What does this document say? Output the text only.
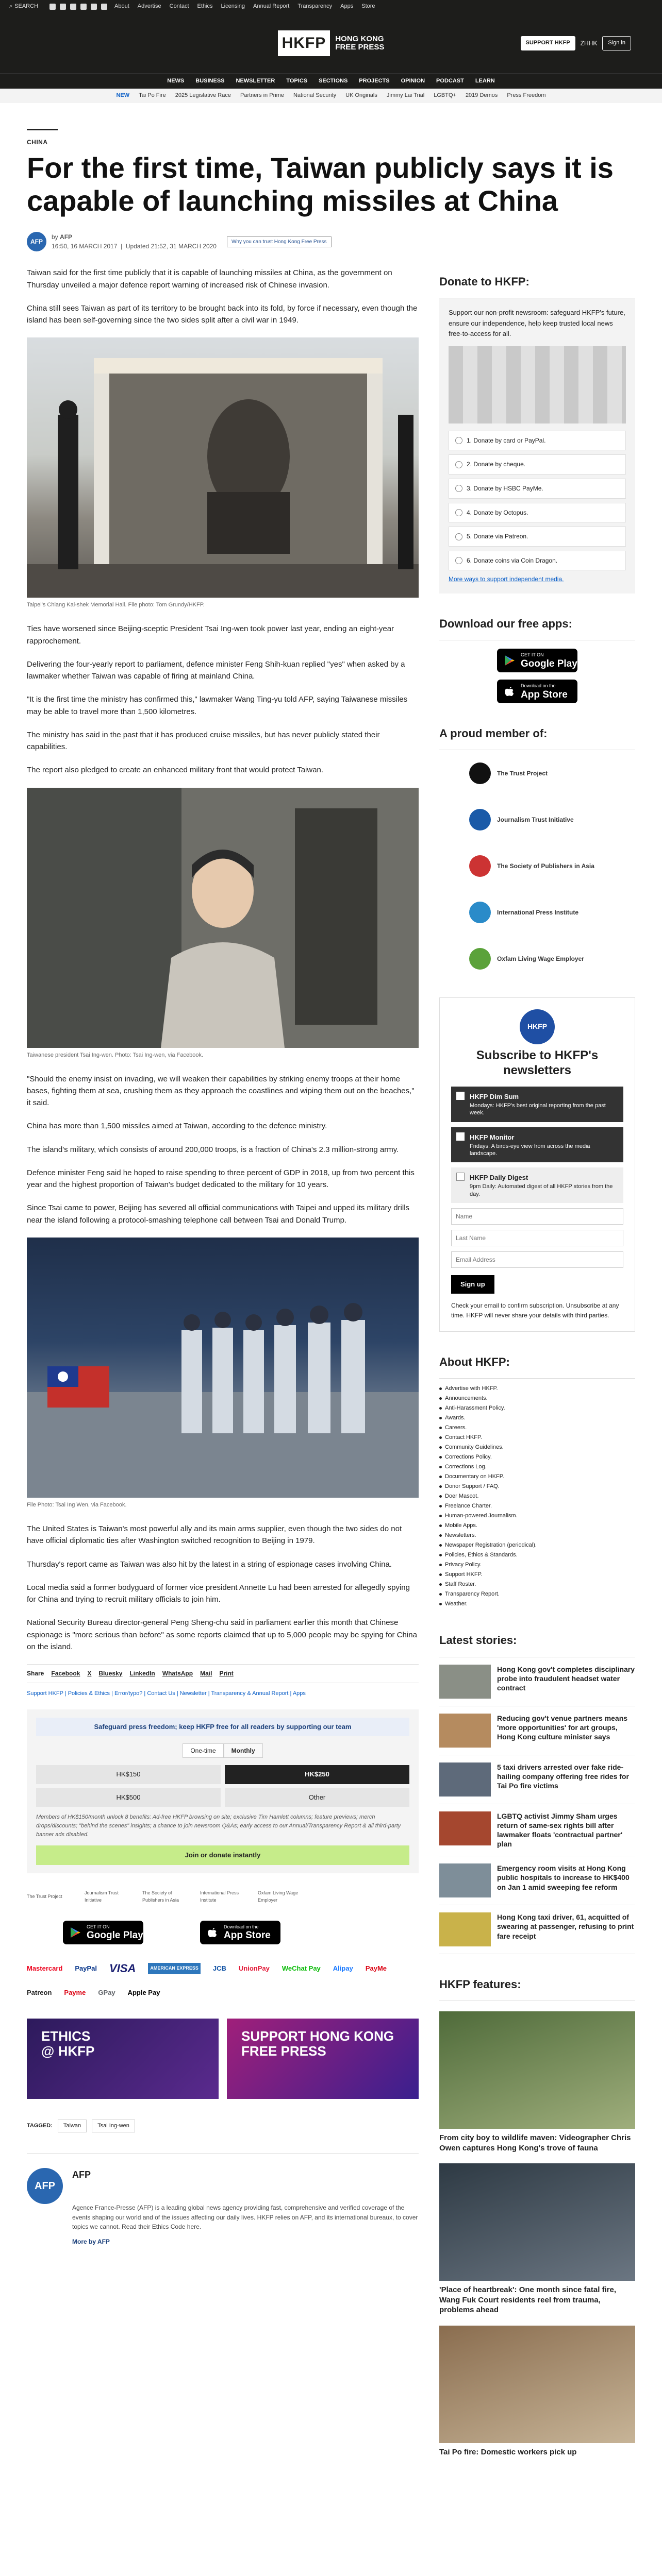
⌕ SEARCH	About Advertise Contact Ethics Licensing Annual Report Transparency Apps Store
HKFP	HONG KONG
FREE PRESS	SUPPORT HKFP	ZHHK	Sign in
NEWS BUSINESS NEWSLETTER TOPICS SECTIONS PROJECTS OPINION PODCAST LEARN
NEW Tai Po Fire 2025 Legislative Race Partners in Prime National Security UK Originals Jimmy Lai Trial LGBTQ+ 2019 Demos Press Freedom
CHINA
For the first time, Taiwan publicly says it is capable of launching missiles at China
AFP
by AFP
16:50, 16 MARCH 2017  |  Updated 21:52, 31 MARCH 2020
Why you can trust Hong Kong Free Press

Taiwan said for the first time publicly that it is capable of launching missiles at China, as the government on Thursday unveiled a major defence report warning of increased risk of Chinese invasion.

China still sees Taiwan as part of its territory to be brought back into its fold, by force if necessary, even though the island has been self-governing since the two sides split after a civil war in 1949.

Taipei's Chiang Kai-shek Memorial Hall. File photo: Tom Grundy/HKFP.

Ties have worsened since Beijing-sceptic President Tsai Ing-wen took power last year, ending an eight-year rapprochement.

Delivering the four-yearly report to parliament, defence minister Feng Shih-kuan replied "yes" when asked by a lawmaker whether Taiwan was capable of firing at mainland China.

"It is the first time the ministry has confirmed this," lawmaker Wang Ting-yu told AFP, saying Taiwanese missiles may be able to travel more than 1,500 kilometres.

The ministry has said in the past that it has produced cruise missiles, but has never publicly stated their capabilities.

The report also pledged to create an enhanced military front that would protect Taiwan.

Taiwanese president Tsai Ing-wen. Photo: Tsai Ing-wen, via Facebook.

"Should the enemy insist on invading, we will weaken their capabilities by striking enemy troops at their home bases, fighting them at sea, crushing them as they approach the coastlines and wiping them out on the beaches," it said.

China has more than 1,500 missiles aimed at Taiwan, according to the defence ministry.

The island's military, which consists of around 200,000 troops, is a fraction of China's 2.3 million-strong army.

Defence minister Feng said he hoped to raise spending to three percent of GDP in 2018, up from two percent this year and the highest proportion of Taiwan's budget dedicated to the military for 10 years.

Since Tsai came to power, Beijing has severed all official communications with Taipei and upped its military drills near the island following a protocol-smashing telephone call between Tsai and Donald Trump.

File Photo: Tsai Ing Wen, via Facebook.

The United States is Taiwan's most powerful ally and its main arms supplier, even though the two sides do not have official diplomatic ties after Washington switched recognition to Beijing in 1979.

Thursday's report came as Taiwan was also hit by the latest in a string of espionage cases involving China.

Local media said a former bodyguard of former vice president Annette Lu had been arrested for allegedly spying for China and trying to recruit military officials to join him.

National Security Bureau director-general Peng Sheng-chu said in parliament earlier this month that Chinese espionage is "more serious than before" as some reports claimed that up to 5,000 people may be spying for China on the island.

Share Facebook X Bluesky LinkedIn WhatsApp Mail Print
Support HKFP | Policies & Ethics | Error/typo? | Contact Us | Newsletter | Transparency & Annual Report | Apps
Safeguard press freedom; keep HKFP free for all readers by supporting our team
One-time	Monthly
HK$150	HK$250
HK$500	Other
Members of HK$150/month unlock 8 benefits: Ad-free HKFP browsing on site; exclusive Tim Hamlett columns; feature previews; merch drops/discounts; "behind the scenes" insights; a chance to join newsroom Q&As; early access to our Annual/Transparency Report & all third-party banner ads disabled.
Join or donate instantly
The Trust Project
Journalism Trust Initiative
The Society of Publishers in Asia
International Press Institute
Oxfam Living Wage Employer
GET IT ON
Google Play
Download on the
App Store
Mastercard PayPal VISA	AMERICAN EXPRESS	JCB UnionPay WeChat Pay Alipay PayMe
Patreon Payme GPay Apple Pay
ETHICS
@ HKFP
SUPPORT HONG KONG
FREE PRESS
TAGGED:	Taiwan	Tsai Ing-wen
AFP
AFP
Agence France-Presse (AFP) is a leading global news agency providing fast, comprehensive and verified coverage of the events shaping our world and of the issues affecting our daily lives. HKFP relies on AFP, and its international bureaux, to cover topics we cannot. Read their Ethics Code here.
More by AFP
Donate to HKFP:

Support our non-profit newsroom: safeguard HKFP's future, ensure our independence, help keep trusted local news free-to-access for all.

1. Donate by card or PayPal.
2. Donate by cheque.
3. Donate by HSBC PayMe.
4. Donate by Octopus.
5. Donate via Patreon.
6. Donate coins via Coin Dragon.
More ways to support independent media.
Download our free apps:
GET IT ON
Google Play
Download on the
App Store
A proud member of:
The Trust Project
Journalism Trust Initiative
The Society of Publishers in Asia
International Press Institute
Oxfam Living Wage Employer
HKFP
Subscribe to HKFP's newsletters
HKFP Dim Sum
Mondays: HKFP's best original reporting from the past week.
HKFP Monitor
Fridays: A birds-eye view from across the media landscape.
HKFP Daily Digest
9pm Daily: Automated digest of all HKFP stories from the day.
Name
Last Name
Email Address
Sign up
Check your email to confirm subscription. Unsubscribe at any time. HKFP will never share your details with third parties.
About HKFP:
Advertise with HKFP.
Announcements.
Anti-Harassment Policy.
Awards.
Careers.
Contact HKFP.
Community Guidelines.
Corrections Policy.
Corrections Log.
Documentary on HKFP.
Donor Support / FAQ.
Doer Mascot.
Freelance Charter.
Human-powered Journalism.
Mobile Apps.
Newsletters.
Newspaper Registration (periodical).
Policies, Ethics & Standards.
Privacy Policy.
Support HKFP.
Staff Roster.
Transparency Report.
Weather.
Latest stories:
Hong Kong gov't completes disciplinary probe into fraudulent headset water contract
Reducing gov't venue partners means 'more opportunities' for art groups, Hong Kong culture minister says
5 taxi drivers arrested over fake ride-hailing company offering free rides for Tai Po fire victims
LGBTQ activist Jimmy Sham urges return of same-sex rights bill after lawmaker floats 'contractual partner' plan
Emergency room visits at Hong Kong public hospitals to increase to HK$400 on Jan 1 amid sweeping fee reform
Hong Kong taxi driver, 61, acquitted of swearing at passenger, refusing to print fare receipt
HKFP features:
From city boy to wildlife maven: Videographer Chris Owen captures Hong Kong's trove of fauna
'Place of heartbreak': One month since fatal fire, Wang Fuk Court residents reel from trauma, problems ahead
Tai Po fire: Domestic workers pick up
